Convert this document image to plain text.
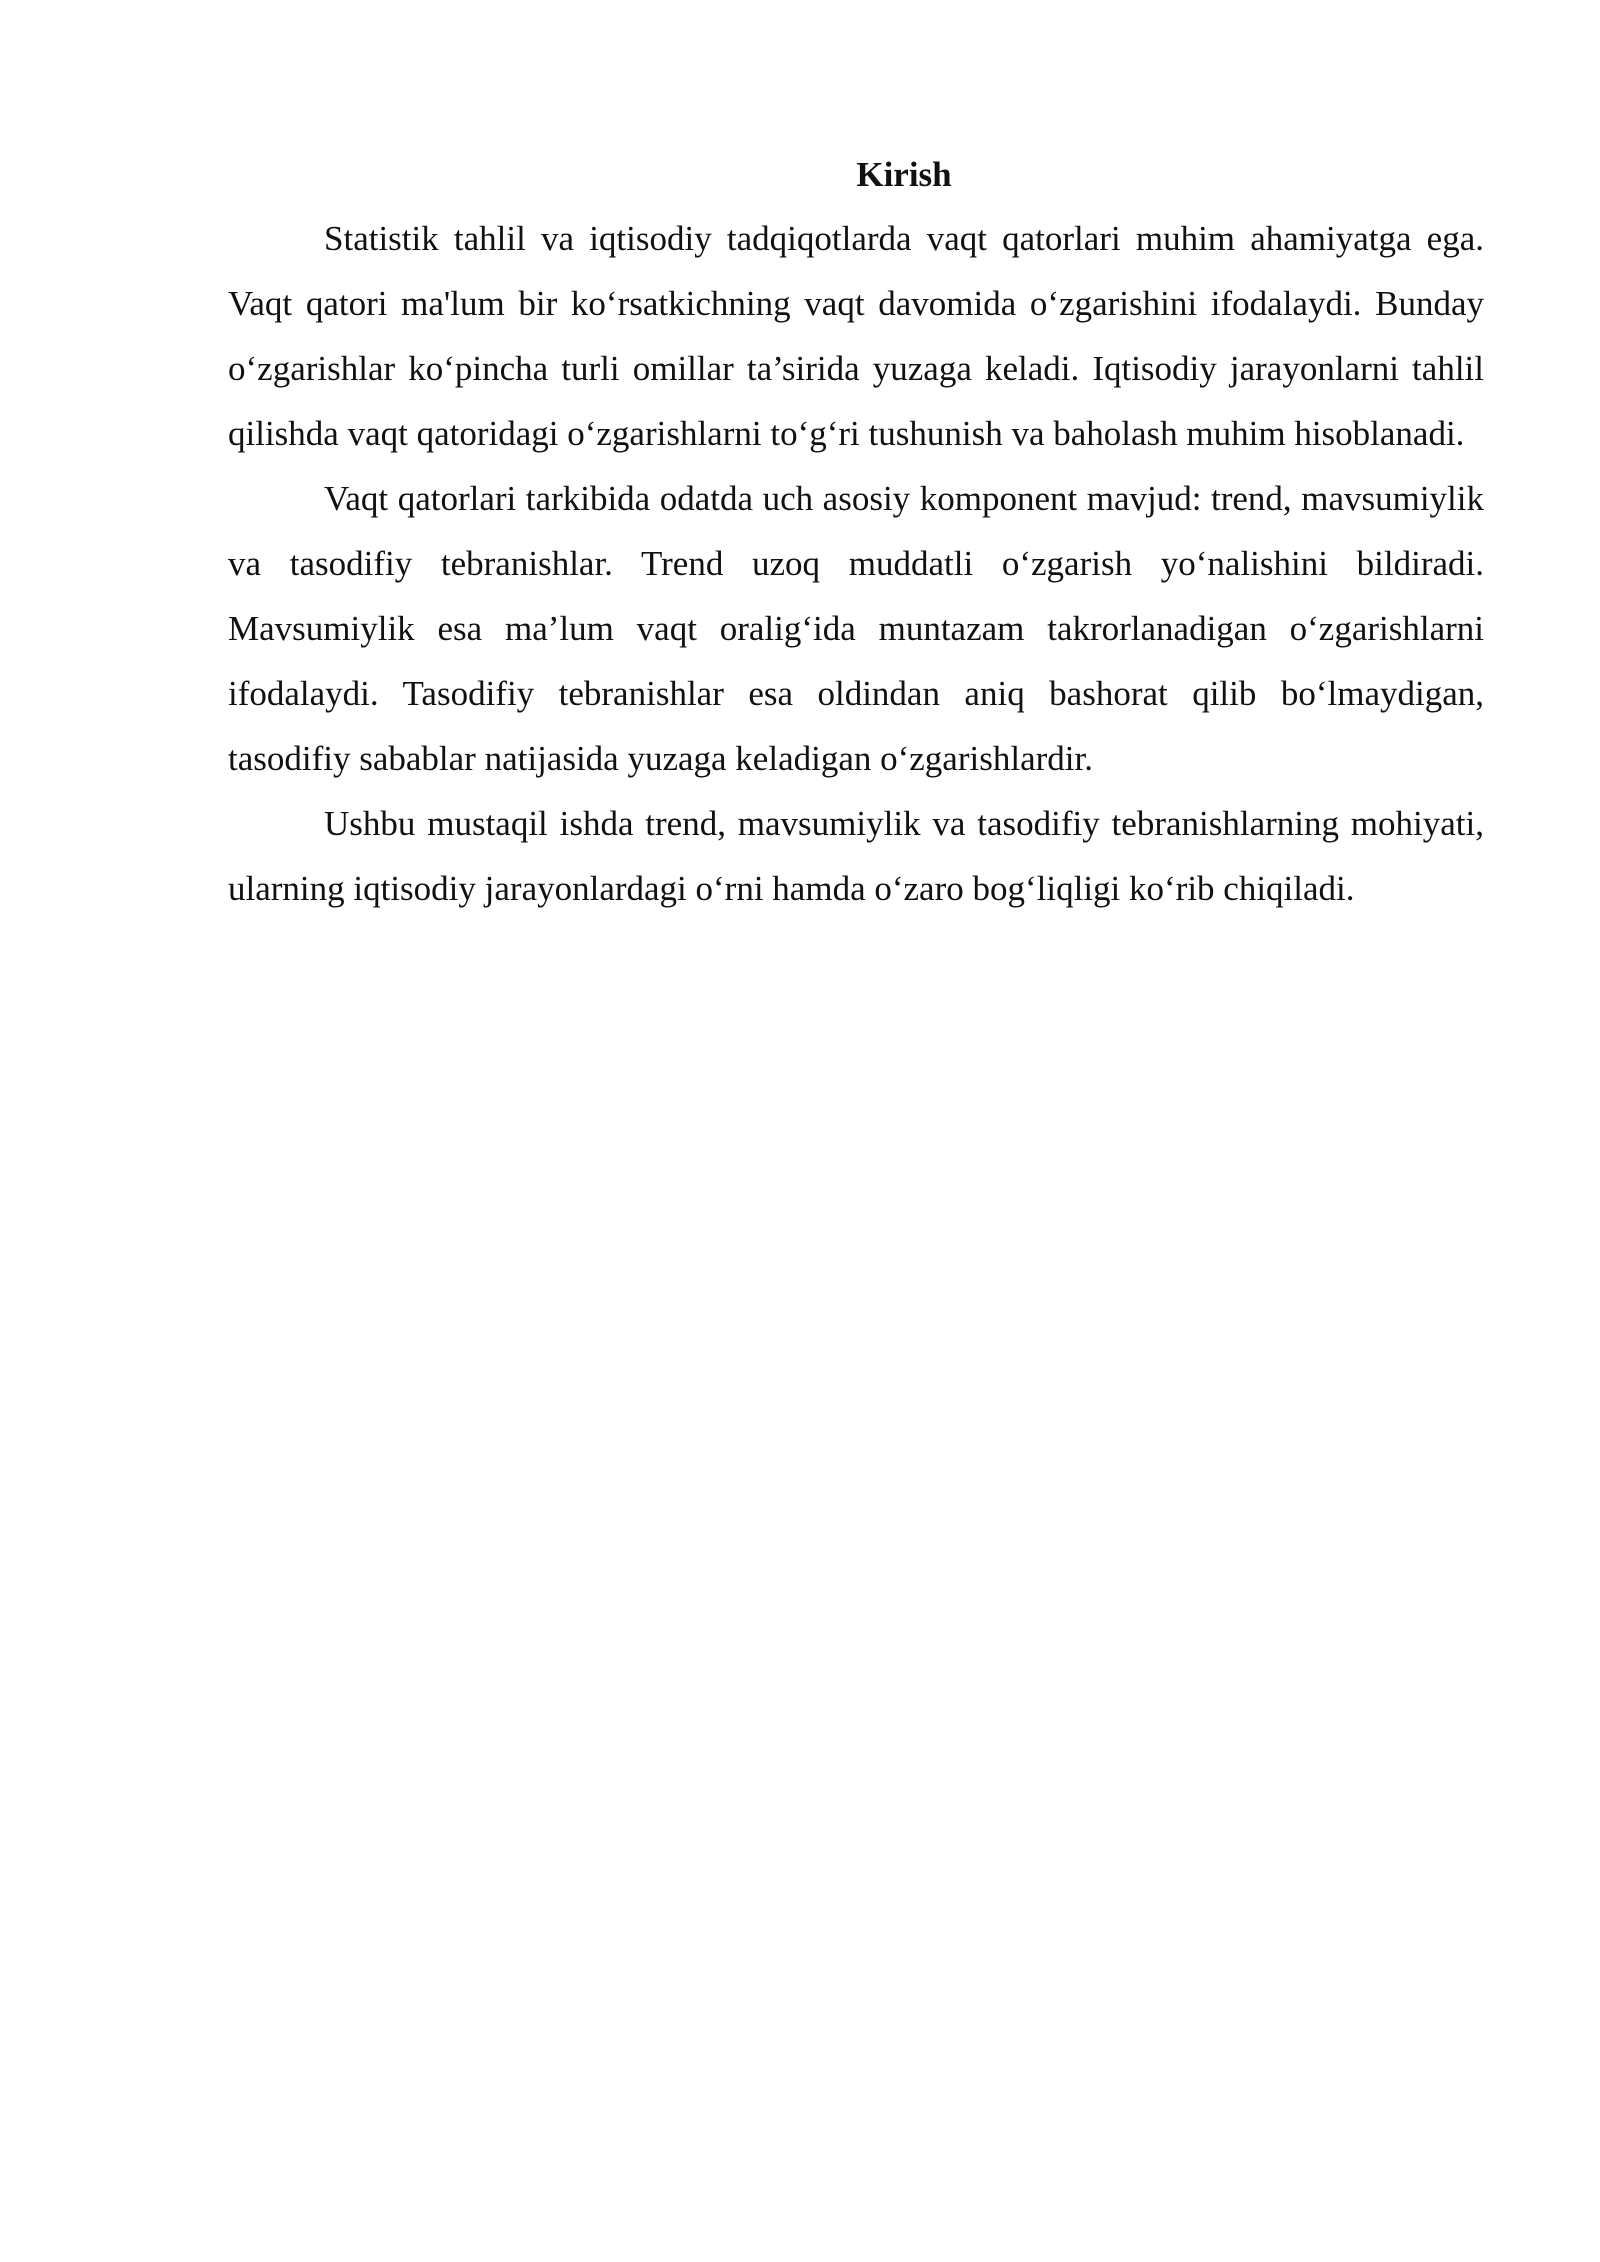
Kirish

Statistik tahlil va iqtisodiy tadqiqotlarda vaqt qatorlari muhim ahamiyatga ega. Vaqt qatori ma'lum bir ko‘rsatkichning vaqt davomida o‘zgarishini ifodalaydi. Bunday o‘zgarishlar ko‘pincha turli omillar ta’sirida yuzaga keladi. Iqtisodiy jarayonlarni tahlil qilishda vaqt qatoridagi o‘zgarishlarni to‘g‘ri tushunish va baholash muhim hisoblanadi.

Vaqt qatorlari tarkibida odatda uch asosiy komponent mavjud: trend, mavsumiylik va tasodifiy tebranishlar. Trend uzoq muddatli o‘zgarish yo‘nalishini bildiradi. Mavsumiylik esa ma’lum vaqt oralig‘ida muntazam takrorlanadigan o‘zgarishlarni ifodalaydi. Tasodifiy tebranishlar esa oldindan aniq bashorat qilib bo‘lmaydigan, tasodifiy sabablar natijasida yuzaga keladigan o‘zgarishlardir.

Ushbu mustaqil ishda trend, mavsumiylik va tasodifiy tebranishlarning mohiyati, ularning iqtisodiy jarayonlardagi o‘rni hamda o‘zaro bog‘liqligi ko‘rib chiqiladi.
